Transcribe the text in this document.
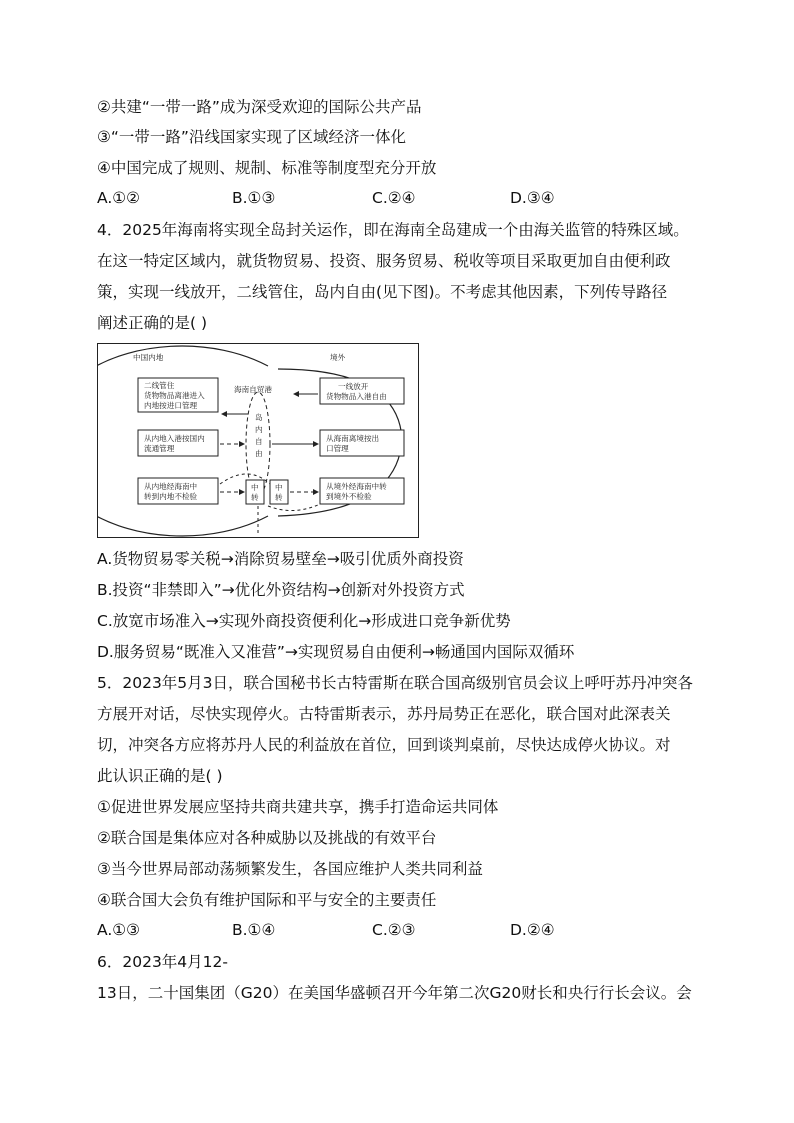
②共建“一带一路”成为深受欢迎的国际公共产品
③“一带一路”沿线国家实现了区域经济一体化
④中国完成了规则、规制、标准等制度型充分开放
A.①②	B.①③	C.②④	D.③④
4．2025年海南将实现全岛封关运作，即在海南全岛建成一个由海关监管的特殊区域。
在这一特定区域内，就货物贸易、投资、服务贸易、税收等项目采取更加自由便利政
策，实现一线放开，二线管住，岛内自由(见下图)。不考虑其他因素，下列传导路径
阐述正确的是( )
中国内地	境外
海南自贸港
岛
内
自
由
二线管住
货物物品离港进入
内地按进口管理
从内地入港按国内
流通管理
从内地经海南中
转到内地不检验
一线放开
货物物品入港自由
从海南离境按出
口管理
从境外经海南中转
到境外不检验
中
转
中
转
A.货物贸易零关税→消除贸易壁垒→吸引优质外商投资
B.投资“非禁即入”→优化外资结构→创新对外投资方式
C.放宽市场准入→实现外商投资便利化→形成进口竞争新优势
D.服务贸易“既准入又准营”→实现贸易自由便利→畅通国内国际双循环
5．2023年5月3日，联合国秘书长古特雷斯在联合国高级别官员会议上呼吁苏丹冲突各
方展开对话，尽快实现停火。古特雷斯表示，苏丹局势正在恶化，联合国对此深表关
切，冲突各方应将苏丹人民的利益放在首位，回到谈判桌前，尽快达成停火协议。对
此认识正确的是( )
①促进世界发展应坚持共商共建共享，携手打造命运共同体
②联合国是集体应对各种威胁以及挑战的有效平台
③当今世界局部动荡频繁发生，各国应维护人类共同利益
④联合国大会负有维护国际和平与安全的主要责任
A.①③	B.①④	C.②③	D.②④
6．2023年4月12-
13日，二十国集团（G20）在美国华盛顿召开今年第二次G20财长和央行行长会议。会
